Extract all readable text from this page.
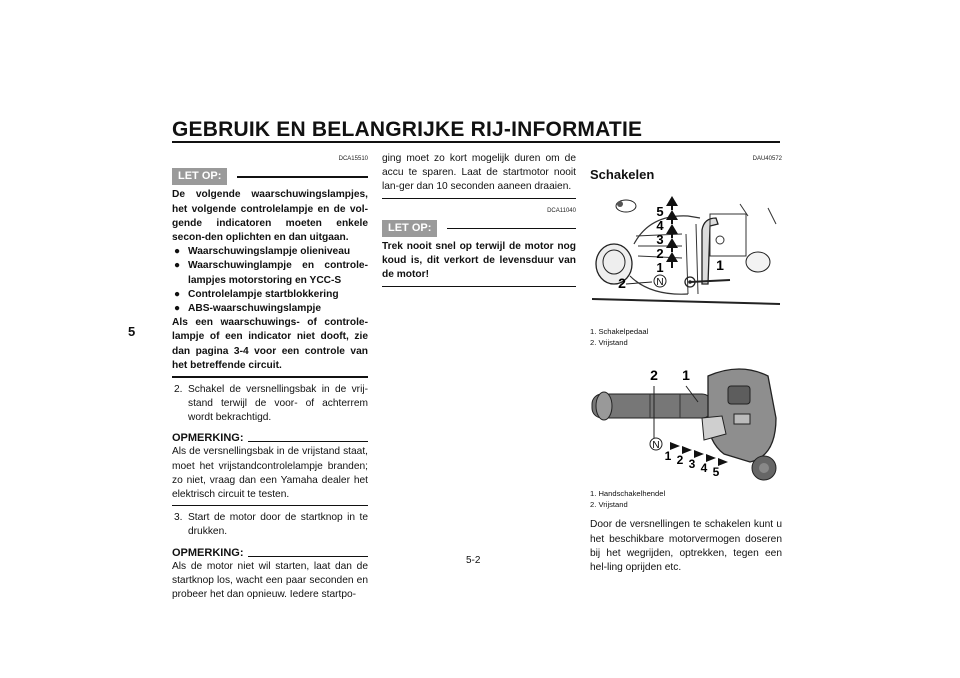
GEBRUIK EN BELANGRIJKE RIJ-INFORMATIE
5
DCA15510
LET OP:
De volgende waarschuwingslampjes, het volgende controlelampje en de vol-gende indicatoren moeten enkele secon-den oplichten en dan uitgaan.
● Waarschuwingslampje olieniveau
● Waarschuwinglampje en controle-lampjes motorstoring en YCC-S
● Controlelampje startblokkering
● ABS-waarschuwingslampje
Als een waarschuwings- of controle-lampje of een indicator niet dooft, zie dan pagina 3-4 voor een controle van het betreffende circuit.
2. Schakel de versnellingsbak in de vrij-stand terwijl de voor- of achterrem wordt bekrachtigd.
OPMERKING:
Als de versnellingsbak in de vrijstand staat, moet het vrijstandcontrolelampje branden; zo niet, vraag dan een Yamaha dealer het elektrisch circuit te testen.
3. Start de motor door de startknop in te drukken.
OPMERKING:
Als de motor niet wil starten, laat dan de startknop los, wacht een paar seconden en probeer het dan opnieuw. Iedere startpo-
ging moet zo kort mogelijk duren om de accu te sparen. Laat de startmotor nooit lan-ger dan 10 seconden aaneen draaien.
DCA11040
LET OP:
Trek nooit snel op terwijl de motor nog koud is, dit verkort de levensduur van de motor!
DAU40572
Schakelen
N
5
4
3
2
1	1
2
1. Schakelpedaal
2. Vrijstand
N
1 2 3 4 5
2 1
1. Handschakelhendel
2. Vrijstand
Door de versnellingen te schakelen kunt u het beschikbare motorvermogen doseren bij het wegrijden, optrekken, tegen een hel-ling oprijden etc.
5-2
